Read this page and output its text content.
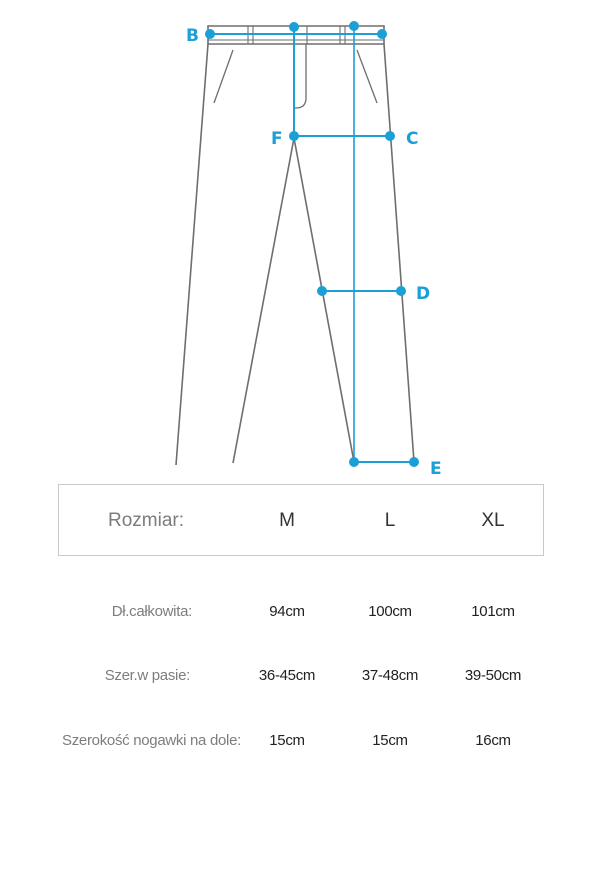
B
F	C
D
E
Rozmiar:	M	L	XL
Dł.całkowita:	94cm	100cm	101cm
Szer.w pasie:	36-45cm	37-48cm	39-50cm
Szerokość nogawki na dole:	15cm	15cm	16cm
